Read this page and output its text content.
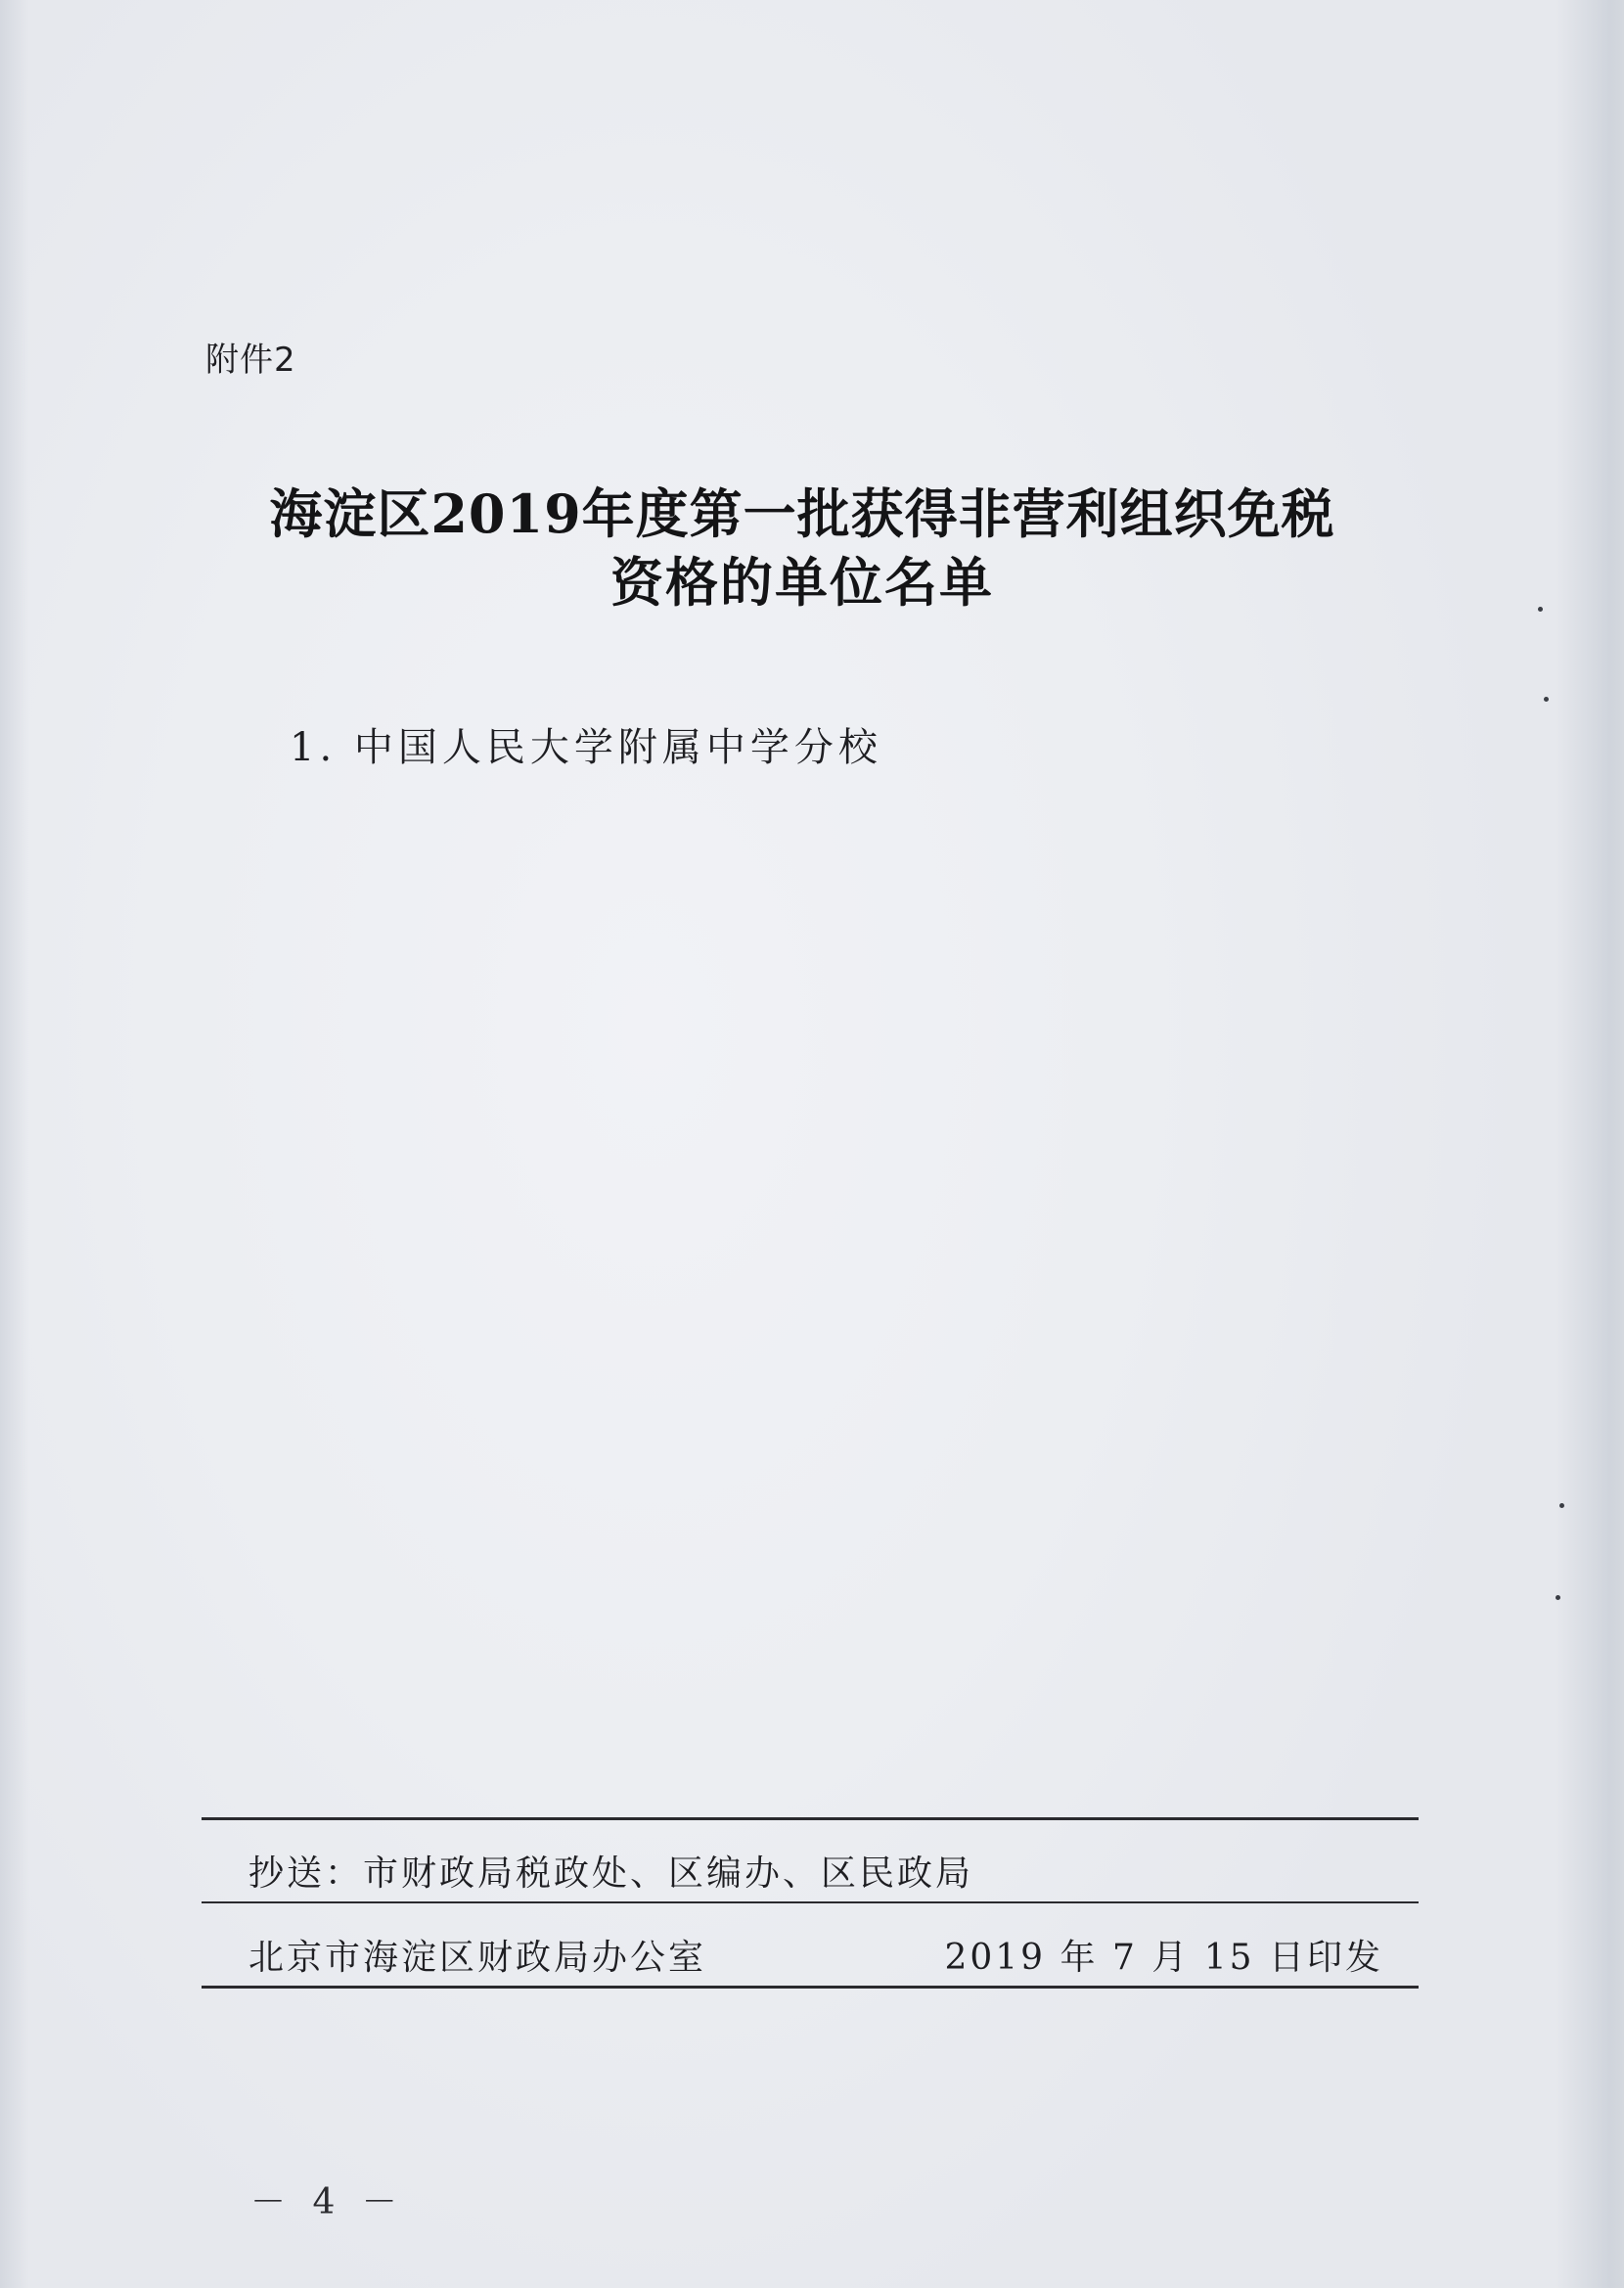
附件2
海淀区2019年度第一批获得非营利组织免税
资格的单位名单
1. 中国人民大学附属中学分校
抄送：市财政局税政处、区编办、区民政局
北京市海淀区财政局办公室	2019 年 7 月 15 日印发
－ 4 －
